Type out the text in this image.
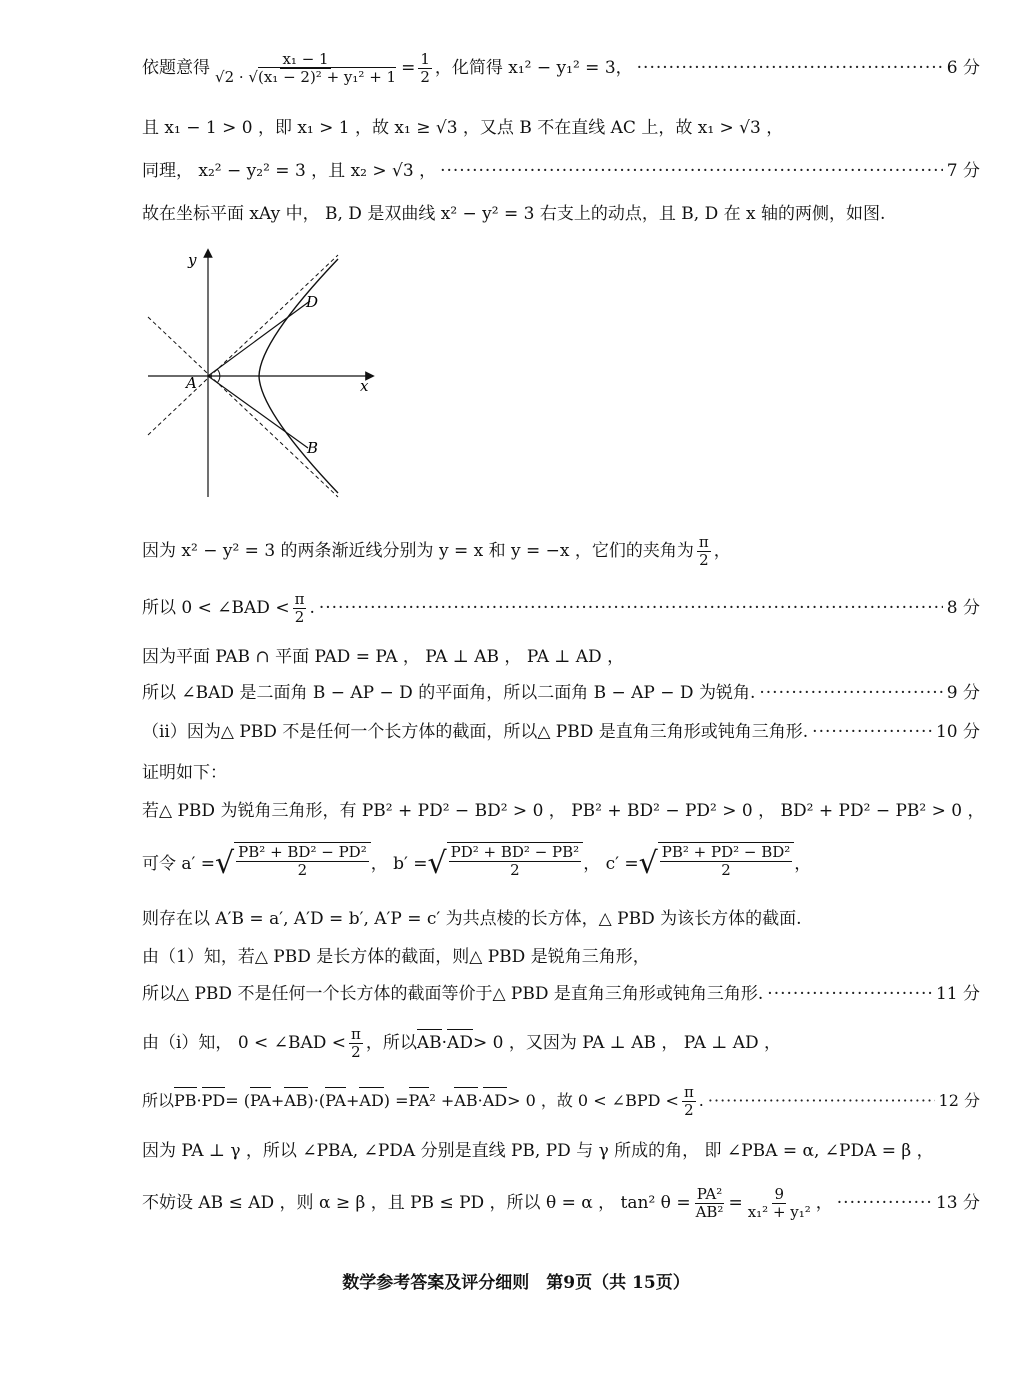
依题意得 $\frac{\text{x₁ − 1}}{\text{√2 · √(x₁ − 2)² + y₁² + 1}} = \frac{1}{2}$ ，化简得 x₁² − y₁² = 3， ·····	6 分
且 x₁ − 1 > 0 ，即 x₁ > 1 ，故 x₁ ≥ √3 ，又点 B 不在直线 AC 上，故 x₁ > √3 ，
同理， x₂² − y₂² = 3 ，且 x₂ > √3 ， ·····	7 分
故在坐标平面 xAy 中， B, D 是双曲线 x² − y² = 3 右支上的动点，且 B, D 在 x 轴的两侧，如图.
y
x
A
D
B
因为 x² − y² = 3 的两条渐近线分别为 y = x 和 y = −x ，它们的夹角为 $\frac{\pi}{2}$ ，
所以 0 < ∠BAD < $\frac{\pi}{2}$ . ·····	8 分
因为平面 PAB ∩ 平面 PAD = PA ， PA ⊥ AB ， PA ⊥ AD ，
所以 ∠BAD 是二面角 B − AP − D 的平面角，所以二面角 B − AP − D 为锐角. ·····	9 分
（ii）因为△ PBD 不是任何一个长方体的截面，所以△ PBD 是直角三角形或钝角三角形. ·····	10 分
证明如下：
若△ PBD 为锐角三角形，有 PB² + PD² − BD² > 0 ， PB² + BD² − PD² > 0 ， BD² + PD² − PB² > 0 ，
可令 a′ = √ $\frac{\text{PB² + BD² − PD²}}{2}$ ， b′ = √ $\frac{\text{PD² + BD² − PB²}}{2}$ ， c′ = √ $\frac{\text{PB² + PD² − BD²}}{2}$ ，
则存在以 A′B = a′, A′D = b′, A′P = c′ 为共点棱的长方体，△ PBD 为该长方体的截面.
由（1）知，若△ PBD 是长方体的截面，则△ PBD 是锐角三角形，
所以△ PBD 不是任何一个长方体的截面等价于△ PBD 是直角三角形或钝角三角形. ·····	11 分
由（i）知， 0 < ∠BAD < $\frac{\pi}{2}$ ，所以 AB · AD > 0 ，又因为 PA ⊥ AB ， PA ⊥ AD ，
所以 PB · PD = ( PA + AB )·( PA + AD ) = PA ² + AB · AD > 0 ，故 0 < ∠BPD < $\frac{\pi}{2}$ . ·····	12 分
因为 PA ⊥ γ ，所以 ∠PBA, ∠PDA 分别是直线 PB, PD 与 γ 所成的角， 即 ∠PBA = α, ∠PDA = β ，
不妨设 AB ≤ AD ，则 α ≥ β ，且 PB ≤ PD ，所以 θ = α ， tan² $\theta = \frac{\text{PA²}}{\text{AB²}} = \frac{9}{\text{x₁² + y₁²}}$ ， ·····	13 分
数学参考答案及评分细则　第9页（共 15页）
